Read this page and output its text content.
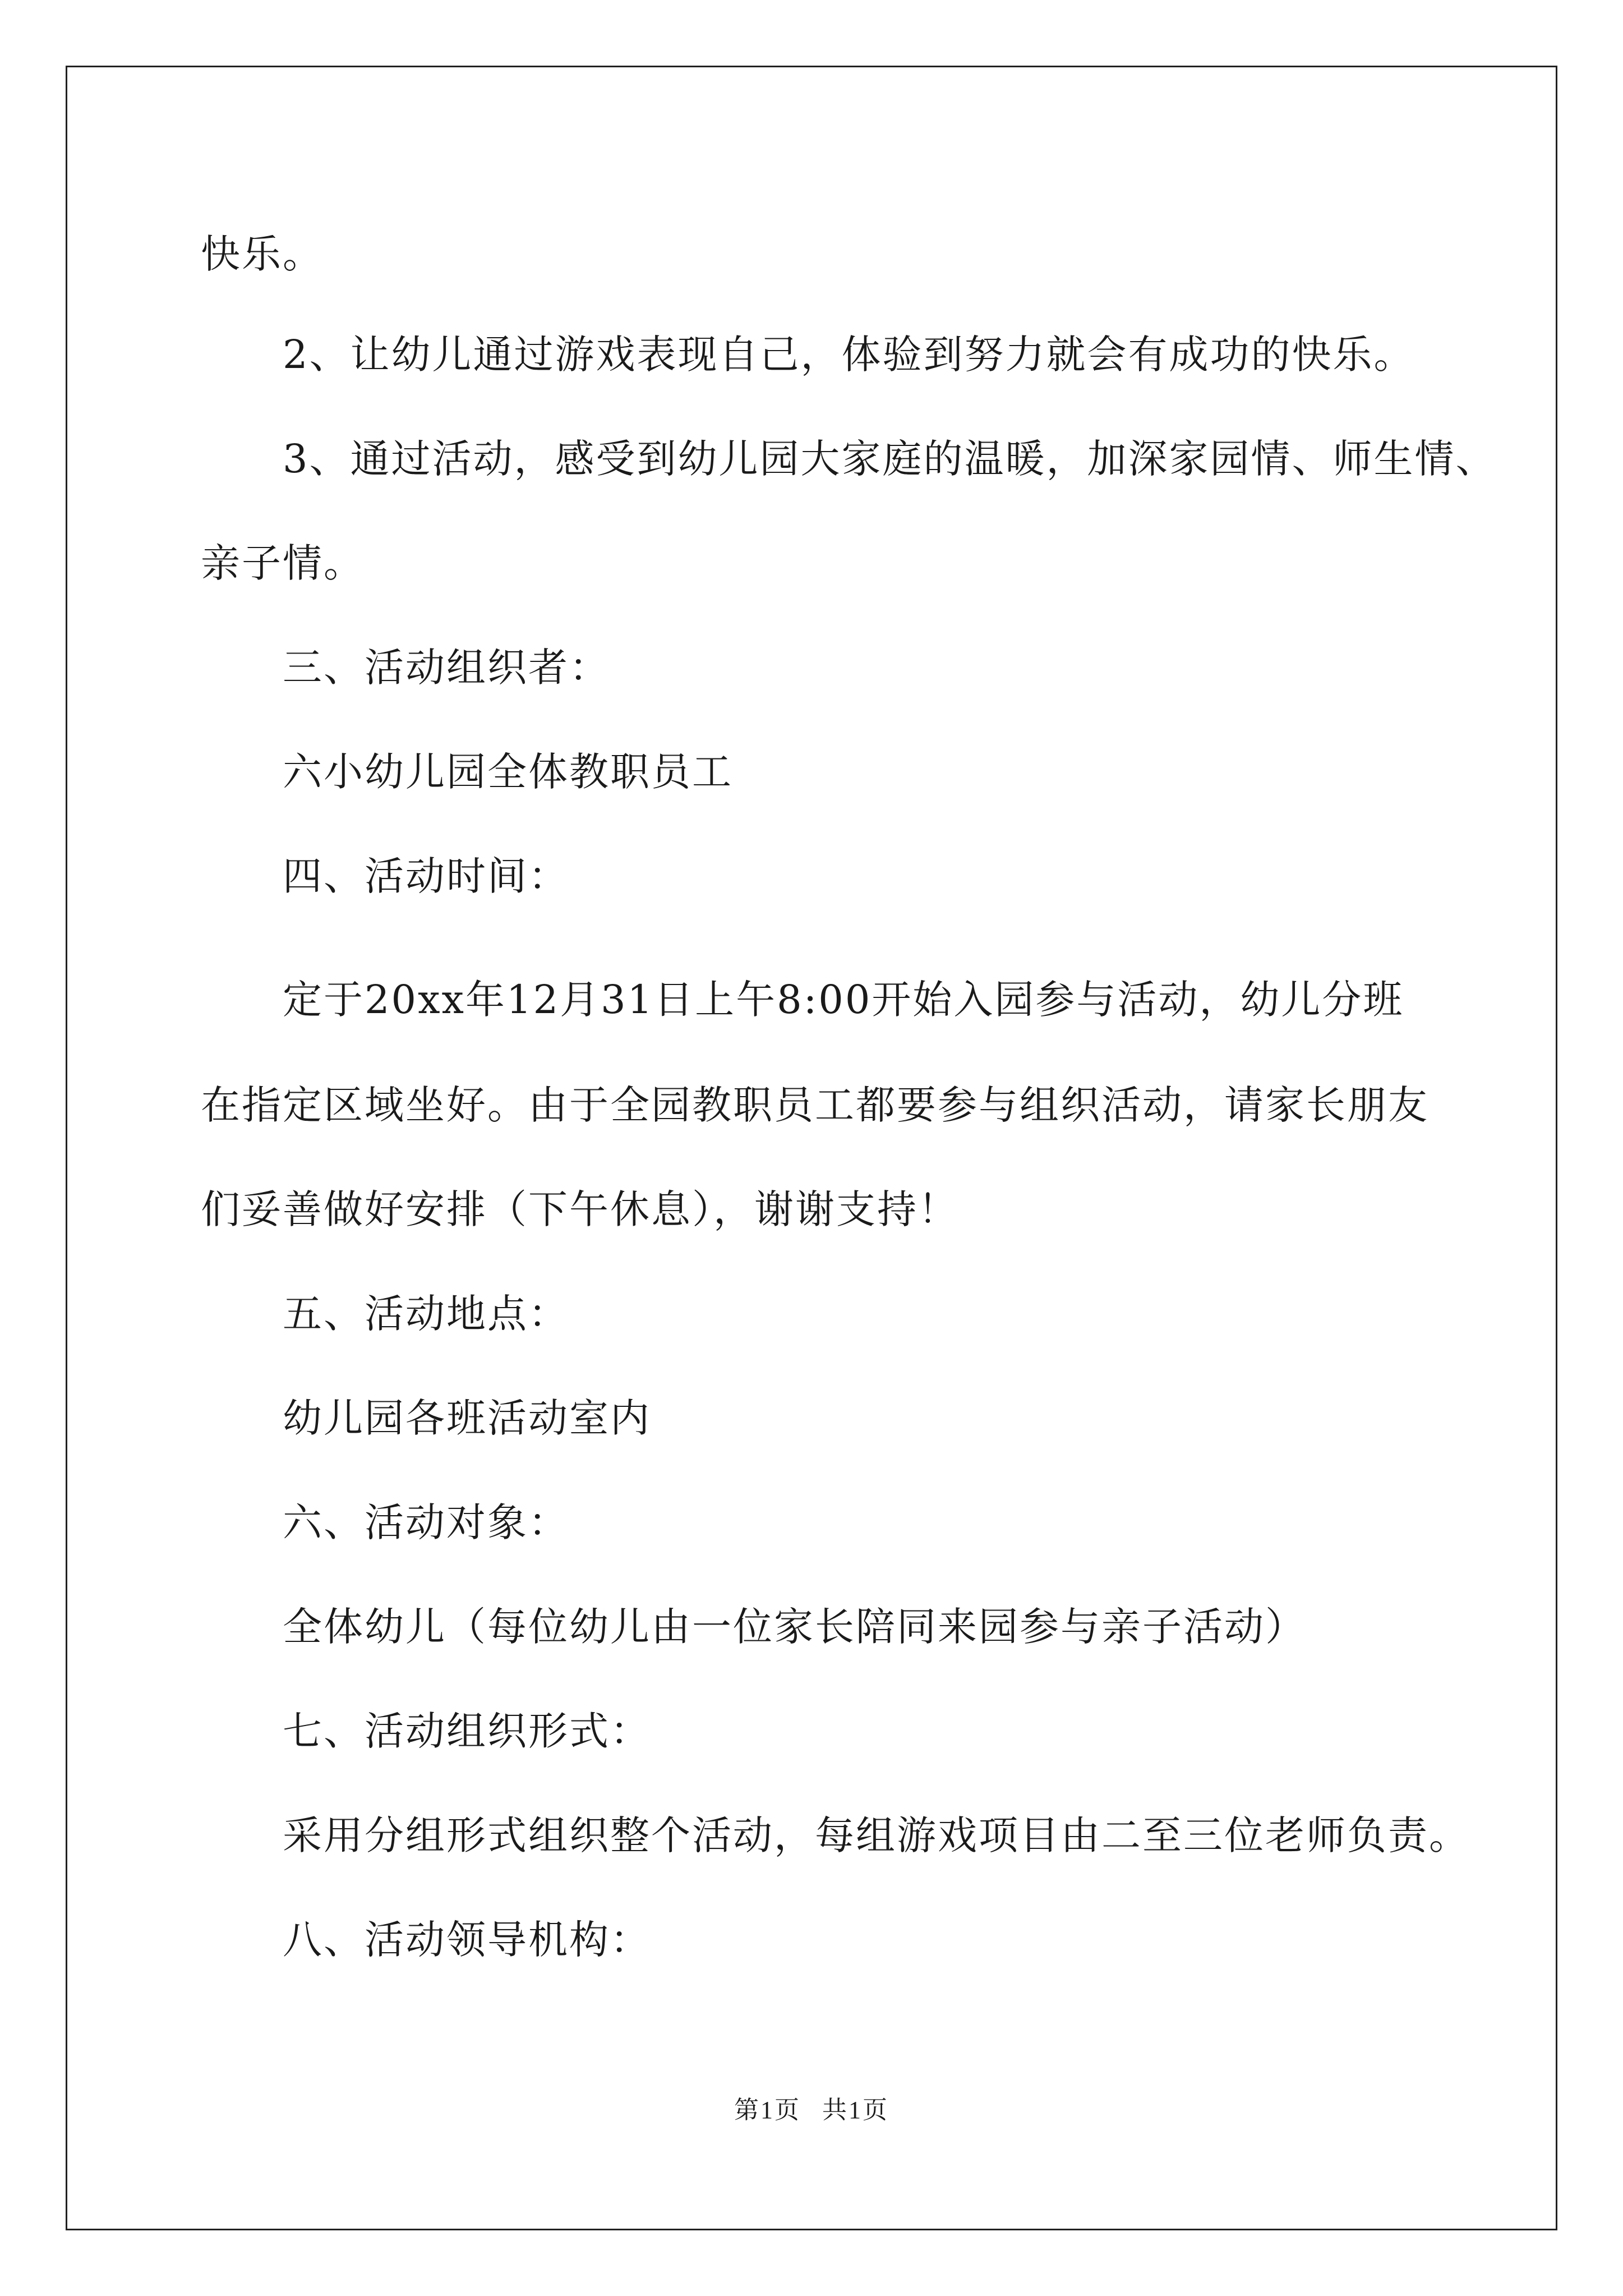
快乐。
2、让幼儿通过游戏表现自己，体验到努力就会有成功的快乐。
3、通过活动，感受到幼儿园大家庭的温暖，加深家园情、师生情、
亲子情。
三、活动组织者：
六小幼儿园全体教职员工
四、活动时间：
定于20xx年12月31日上午8:00开始入园参与活动，幼儿分班
在指定区域坐好。由于全园教职员工都要参与组织活动，请家长朋友
们妥善做好安排（下午休息），谢谢支持！
五、活动地点：
幼儿园各班活动室内
六、活动对象：
全体幼儿（每位幼儿由一位家长陪同来园参与亲子活动）
七、活动组织形式：
采用分组形式组织整个活动，每组游戏项目由二至三位老师负责。
八、活动领导机构：
第1页 共1页
